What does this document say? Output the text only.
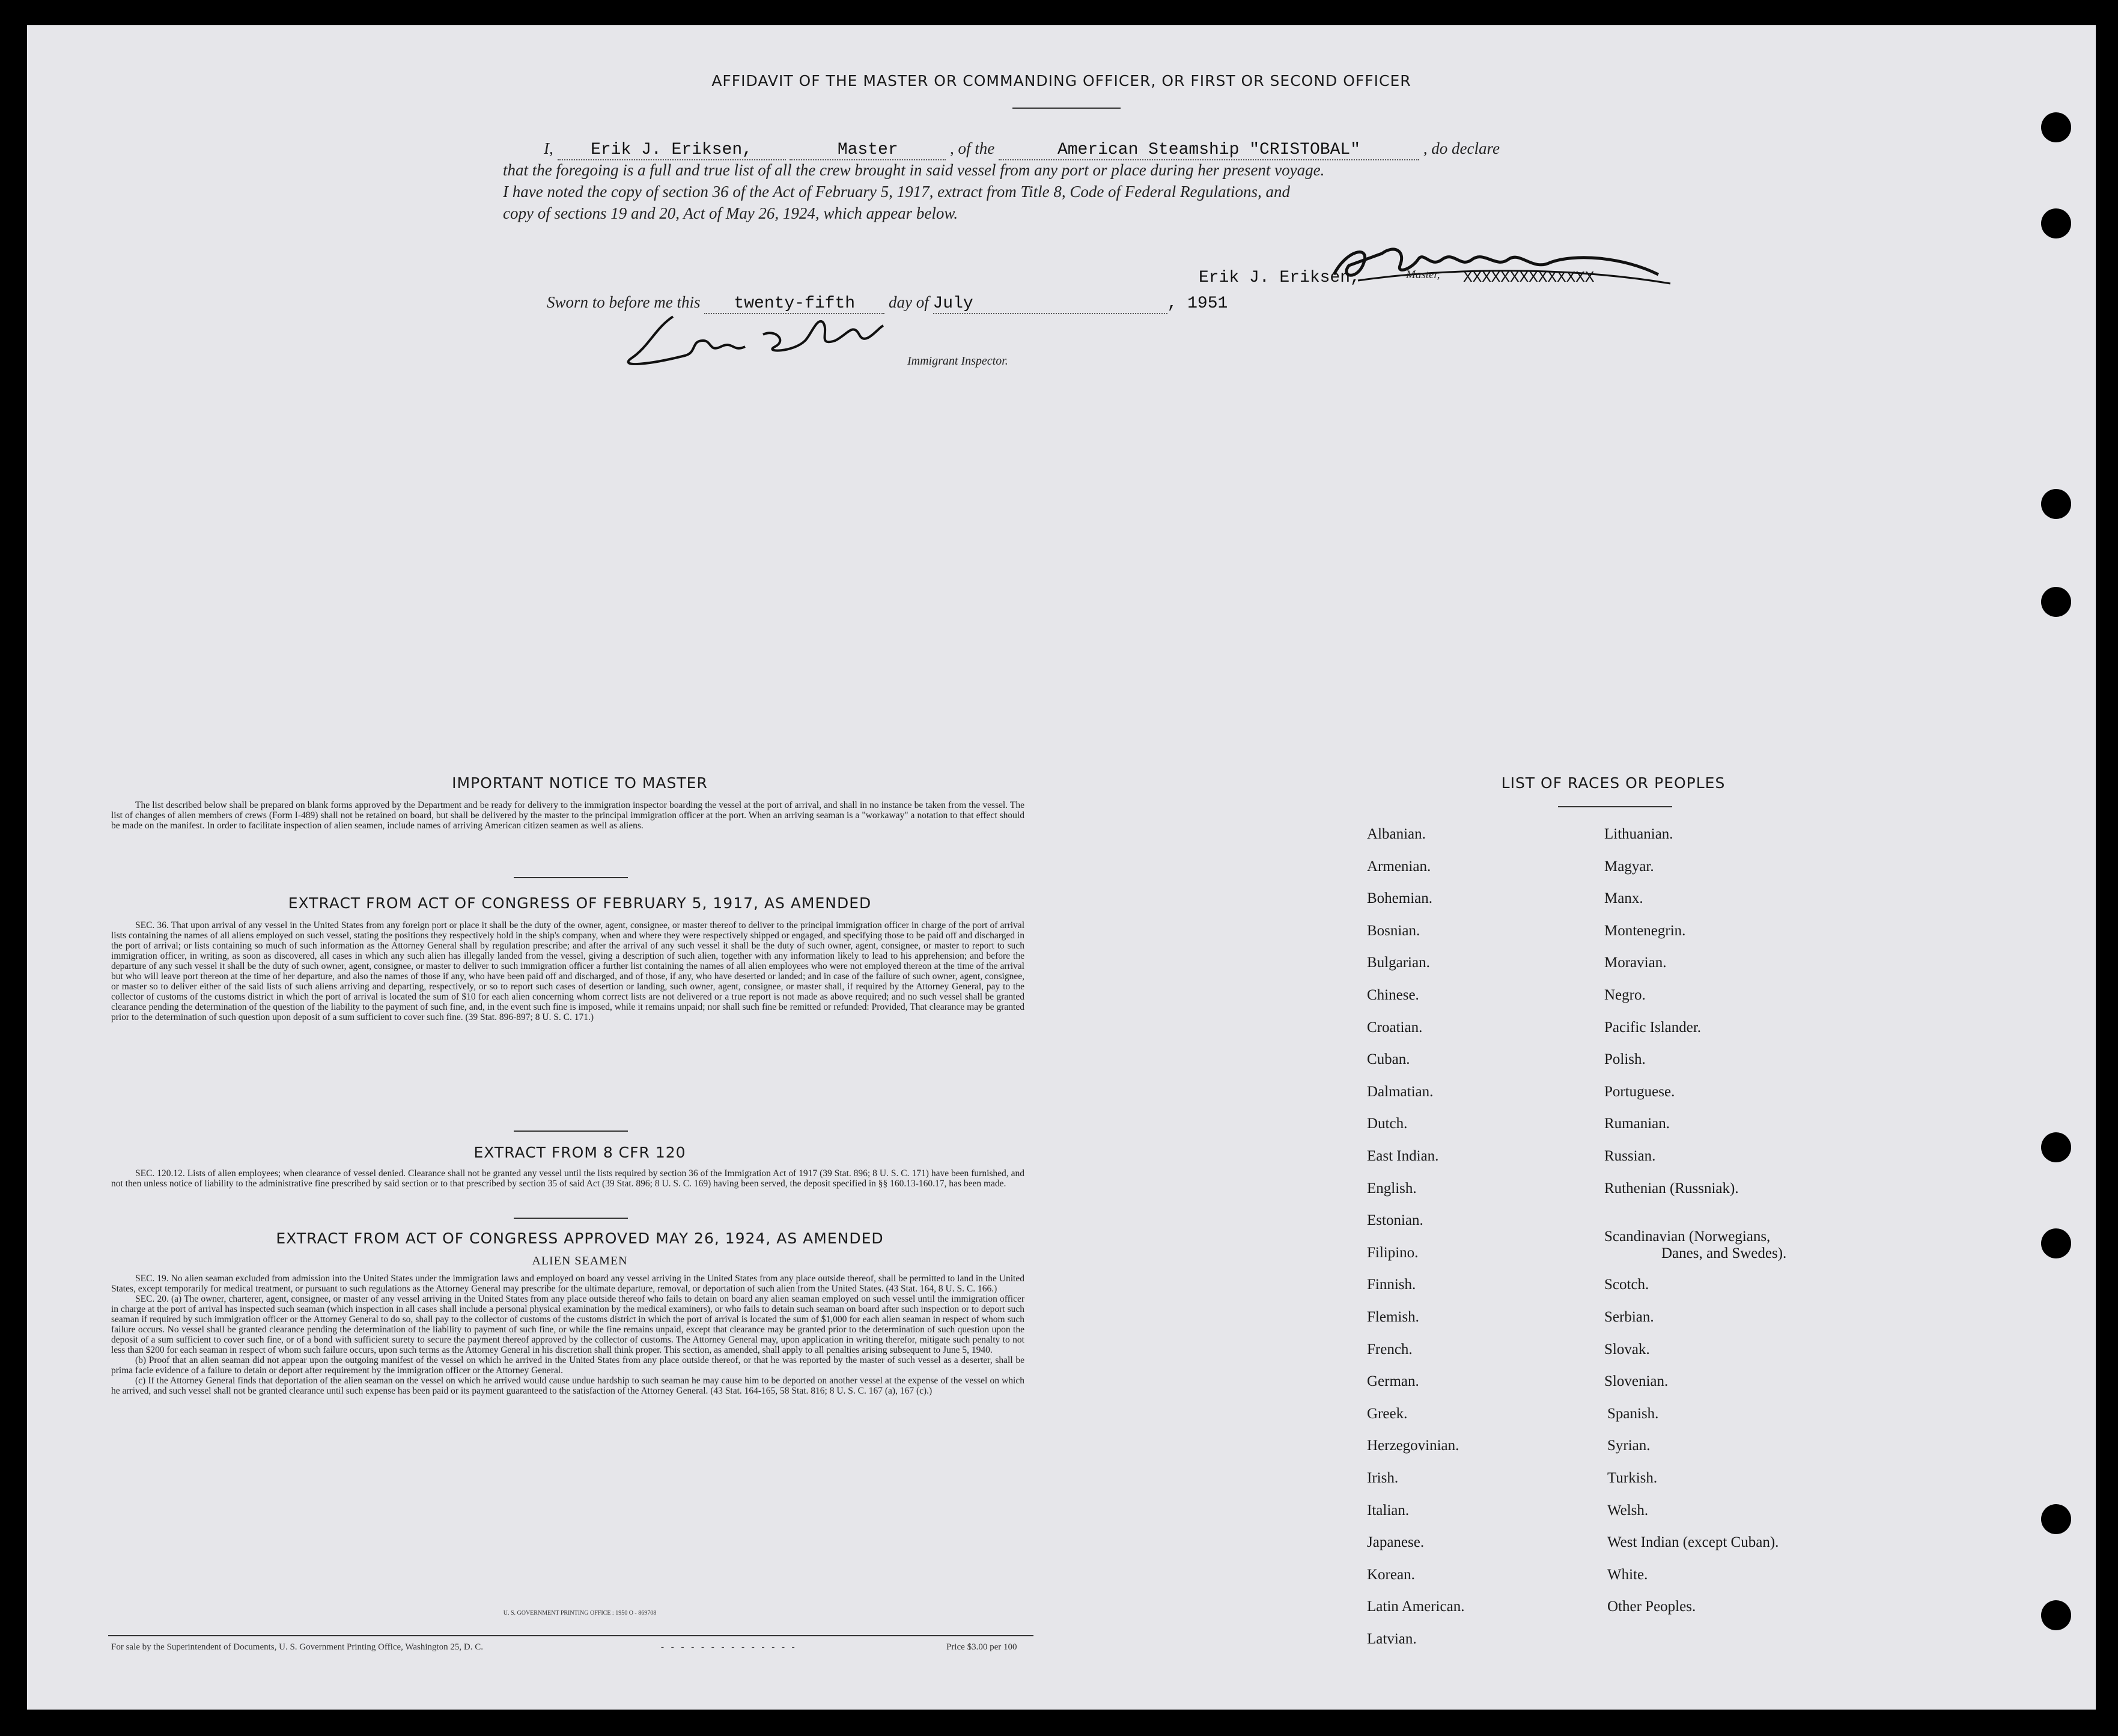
AFFIDAVIT OF THE MASTER OR COMMANDING OFFICER, OR FIRST OR SECOND OFFICER
I, Erik J. Eriksen,	Master	, of the	American Steamship "CRISTOBAL"	, do declare
that the foregoing is a full and true list of all the crew brought in said vessel from any port or place during her present voyage.
I have noted the copy of section 36 of the Act of February 5, 1917, extract from Title 8, Code of Federal Regulations, and
copy of sections 19 and 20, Act of May 26, 1924, which appear below.
Erik J. Eriksen,	Master, XXXXXXXXXXXXXX
Sworn to before me this twenty-fifth day of July	, 1951
Immigrant Inspector.
IMPORTANT NOTICE TO MASTER
The list described below shall be prepared on blank forms approved by the Department and be ready for delivery to the immigration inspector boarding the vessel at the port of arrival, and shall in no instance be taken from the vessel. The list of changes of alien members of crews (Form I-489) shall not be retained on board, but shall be delivered by the master to the principal immigration officer at the port. When an arriving seaman is a "workaway" a notation to that effect should be made on the manifest. In order to facilitate inspection of alien seamen, include names of arriving American citizen seamen as well as aliens.
EXTRACT FROM ACT OF CONGRESS OF FEBRUARY 5, 1917, AS AMENDED
SEC. 36. That upon arrival of any vessel in the United States from any foreign port or place it shall be the duty of the owner, agent, consignee, or master thereof to deliver to the principal immigration officer in charge of the port of arrival lists containing the names of all aliens employed on such vessel, stating the positions they respectively hold in the ship's company, when and where they were respectively shipped or engaged, and specifying those to be paid off and discharged in the port of arrival; or lists containing so much of such information as the Attorney General shall by regulation prescribe; and after the arrival of any such vessel it shall be the duty of such owner, agent, consignee, or master to report to such immigration officer, in writing, as soon as discovered, all cases in which any such alien has illegally landed from the vessel, giving a description of such alien, together with any information likely to lead to his apprehension; and before the departure of any such vessel it shall be the duty of such owner, agent, consignee, or master to deliver to such immigration officer a further list containing the names of all alien employees who were not employed thereon at the time of the arrival but who will leave port thereon at the time of her departure, and also the names of those if any, who have been paid off and discharged, and of those, if any, who have deserted or landed; and in case of the failure of such owner, agent, consignee, or master so to deliver either of the said lists of such aliens arriving and departing, respectively, or so to report such cases of desertion or landing, such owner, agent, consignee, or master shall, if required by the Attorney General, pay to the collector of customs of the customs district in which the port of arrival is located the sum of $10 for each alien concerning whom correct lists are not delivered or a true report is not made as above required; and no such vessel shall be granted clearance pending the determination of the question of the liability to the payment of such fine, and, in the event such fine is imposed, while it remains unpaid; nor shall such fine be remitted or refunded: Provided, That clearance may be granted prior to the determination of such question upon deposit of a sum sufficient to cover such fine. (39 Stat. 896-897; 8 U. S. C. 171.)
EXTRACT FROM 8 CFR 120
SEC. 120.12. Lists of alien employees; when clearance of vessel denied. Clearance shall not be granted any vessel until the lists required by section 36 of the Immigration Act of 1917 (39 Stat. 896; 8 U. S. C. 171) have been furnished, and not then unless notice of liability to the administrative fine prescribed by said section or to that prescribed by section 35 of said Act (39 Stat. 896; 8 U. S. C. 169) having been served, the deposit specified in §§ 160.13-160.17, has been made.
EXTRACT FROM ACT OF CONGRESS APPROVED MAY 26, 1924, AS AMENDED
ALIEN SEAMEN
SEC. 19. No alien seaman excluded from admission into the United States under the immigration laws and employed on board any vessel arriving in the United States from any place outside thereof, shall be permitted to land in the United States, except temporarily for medical treatment, or pursuant to such regulations as the Attorney General may prescribe for the ultimate departure, removal, or deportation of such alien from the United States. (43 Stat. 164, 8 U. S. C. 166.)
SEC. 20. (a) The owner, charterer, agent, consignee, or master of any vessel arriving in the United States from any place outside thereof who fails to detain on board any alien seaman employed on such vessel until the immigration officer in charge at the port of arrival has inspected such seaman (which inspection in all cases shall include a personal physical examination by the medical examiners), or who fails to detain such seaman on board after such inspection or to deport such seaman if required by such immigration officer or the Attorney General to do so, shall pay to the collector of customs of the customs district in which the port of arrival is located the sum of $1,000 for each alien seaman in respect of whom such failure occurs. No vessel shall be granted clearance pending the determination of the liability to payment of such fine, or while the fine remains unpaid, except that clearance may be granted prior to the determination of such question upon the deposit of a sum sufficient to cover such fine, or of a bond with sufficient surety to secure the payment thereof approved by the collector of customs. The Attorney General may, upon application in writing therefor, mitigate such penalty to not less than $200 for each seaman in respect of whom such failure occurs, upon such terms as the Attorney General in his discretion shall think proper. This section, as amended, shall apply to all penalties arising subsequent to June 5, 1940.
(b) Proof that an alien seaman did not appear upon the outgoing manifest of the vessel on which he arrived in the United States from any place outside thereof, or that he was reported by the master of such vessel as a deserter, shall be prima facie evidence of a failure to detain or deport after requirement by the immigration officer or the Attorney General.
(c) If the Attorney General finds that deportation of the alien seaman on the vessel on which he arrived would cause undue hardship to such seaman he may cause him to be deported on another vessel at the expense of the vessel on which he arrived, and such vessel shall not be granted clearance until such expense has been paid or its payment guaranteed to the satisfaction of the Attorney General. (43 Stat. 164-165, 58 Stat. 816; 8 U. S. C. 167 (a), 167 (c).)
U. S. GOVERNMENT PRINTING OFFICE : 1950 O - 869708
For sale by the Superintendent of Documents, U. S. Government Printing Office, Washington 25, D. C.	- - - - - - - - - - - - - -	Price $3.00 per 100
LIST OF RACES OR PEOPLES
Albanian.
Armenian.
Bohemian.
Bosnian.
Bulgarian.
Chinese.
Croatian.
Cuban.
Dalmatian.
Dutch.
East Indian.
English.
Estonian.
Filipino.
Finnish.
Flemish.
French.
German.
Greek.
Herzegovinian.
Irish.
Italian.
Japanese.
Korean.
Latin American.
Latvian.
Lithuanian.
Magyar.
Manx.
Montenegrin.
Moravian.
Negro.
Pacific Islander.
Polish.
Portuguese.
Rumanian.
Russian.
Ruthenian (Russniak).
Scandinavian (Norwegians,
Danes, and Swedes).
Scotch.
Serbian.
Slovak.
Slovenian.
Spanish.
Syrian.
Turkish.
Welsh.
West Indian (except Cuban).
White.
Other Peoples.
